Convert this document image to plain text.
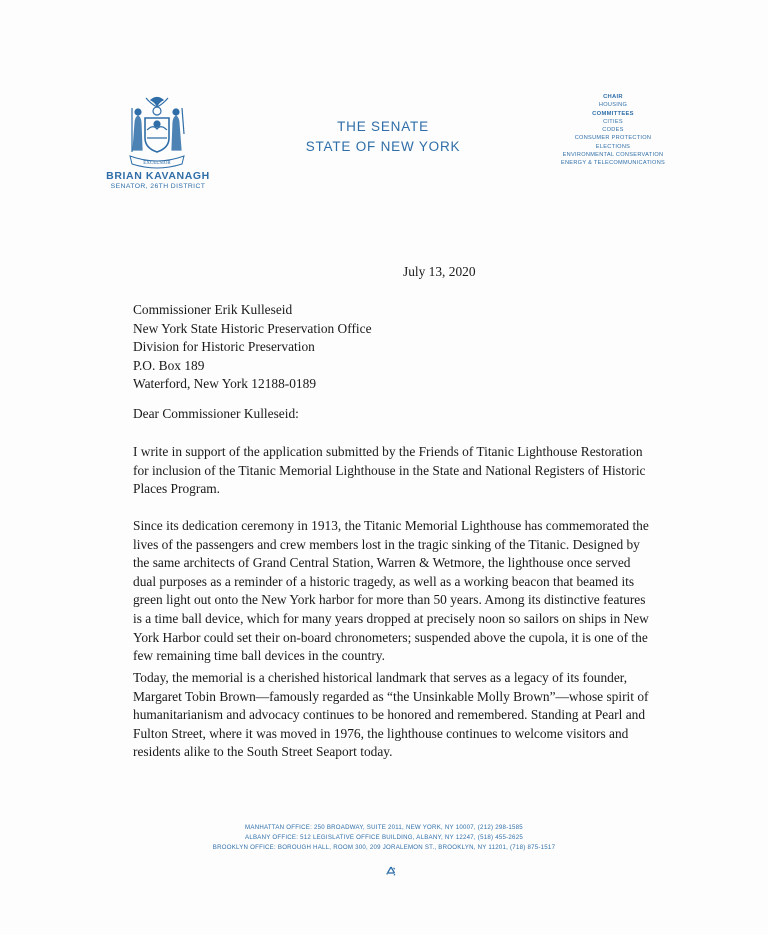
EXCELSIOR
BRIAN KAVANAGH
SENATOR, 26TH DISTRICT
THE SENATE
STATE OF NEW YORK
CHAIR
HOUSING
COMMITTEES
CITIES
CODES
CONSUMER PROTECTION
ELECTIONS
ENVIRONMENTAL CONSERVATION
ENERGY & TELECOMMUNICATIONS
July 13, 2020
Commissioner Erik Kulleseid
New York State Historic Preservation Office
Division for Historic Preservation
P.O. Box 189
Waterford, New York 12188-0189
Dear Commissioner Kulleseid:

I write in support of the application submitted by the Friends of Titanic Lighthouse Restoration for inclusion of the Titanic Memorial Lighthouse in the State and National Registers of Historic Places Program.

Since its dedication ceremony in 1913, the Titanic Memorial Lighthouse has commemorated the lives of the passengers and crew members lost in the tragic sinking of the Titanic. Designed by the same architects of Grand Central Station, Warren & Wetmore, the lighthouse once served dual purposes as a reminder of a historic tragedy, as well as a working beacon that beamed its green light out onto the New York harbor for more than 50 years. Among its distinctive features is a time ball device, which for many years dropped at precisely noon so sailors on ships in New York Harbor could set their on-board chronometers; suspended above the cupola, it is one of the few remaining time ball devices in the country.

Today, the memorial is a cherished historical landmark that serves as a legacy of its founder, Margaret Tobin Brown—famously regarded as “the Unsinkable Molly Brown”—whose spirit of humanitarianism and advocacy continues to be honored and remembered. Standing at Pearl and Fulton Street, where it was moved in 1976, the lighthouse continues to welcome visitors and residents alike to the South Street Seaport today.

MANHATTAN OFFICE: 250 BROADWAY, SUITE 2011, NEW YORK, NY 10007, (212) 298-1585
ALBANY OFFICE: 512 LEGISLATIVE OFFICE BUILDING, ALBANY, NY 12247, (518) 455-2625
BROOKLYN OFFICE: BOROUGH HALL, ROOM 300, 209 JORALEMON ST., BROOKLYN, NY 11201, (718) 875-1517
